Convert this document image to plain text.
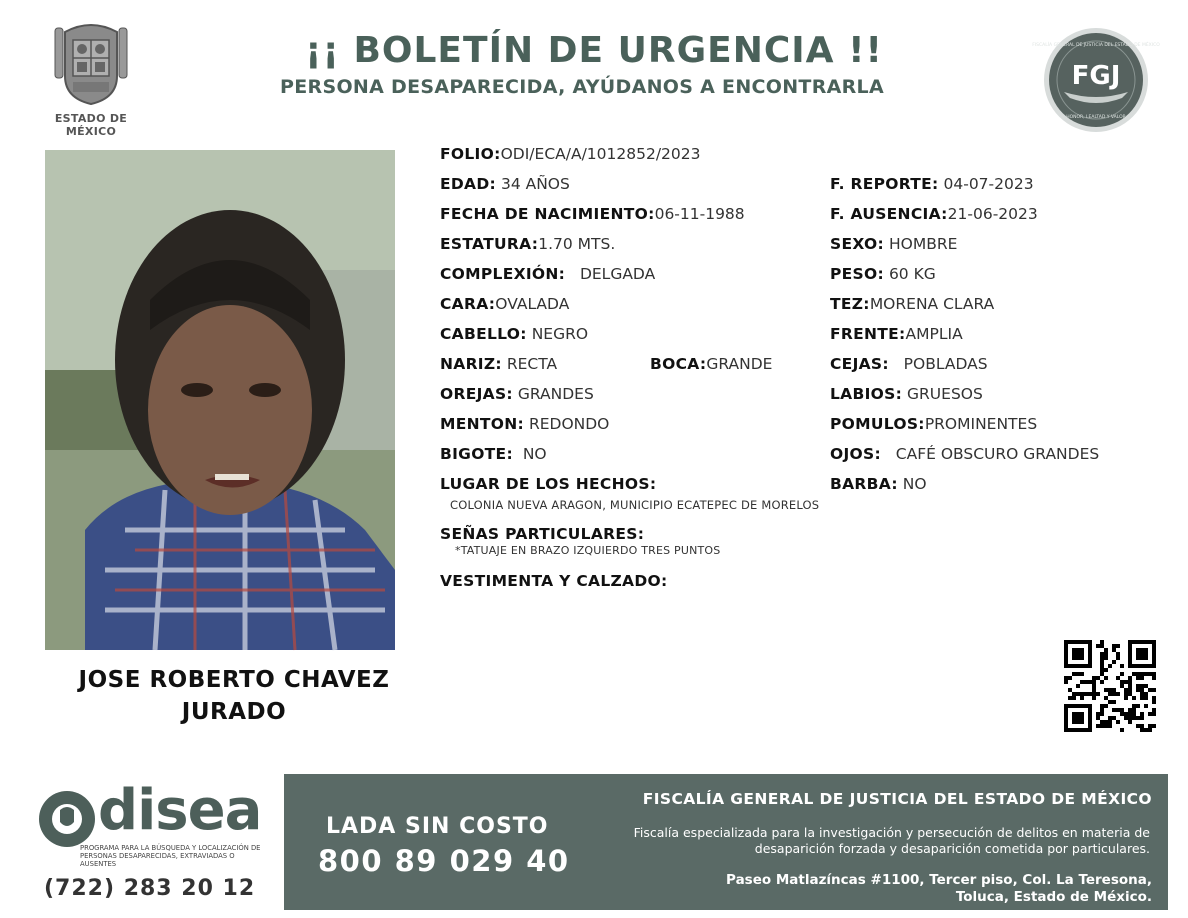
ESTADO DE MÉXICO
¡¡ BOLETÍN DE URGENCIA !!
PERSONA DESAPARECIDA, AYÚDANOS A ENCONTRARLA	FGJ
FISCALÍA GENERAL DE JUSTICIA DEL ESTADO DE MÉXICO
HONOR, LEALTAD Y VALOR
JOSE ROBERTO CHAVEZ
JURADO
FOLIO:ODI/ECA/A/1012852/2023
EDAD: 34 AÑOS	F. REPORTE: 04-07-2023
FECHA DE NACIMIENTO:06-11-1988	F. AUSENCIA:21-06-2023
ESTATURA:1.70 MTS.	SEXO: HOMBRE
COMPLEXIÓN: DELGADA	PESO: 60 KG
CARA:OVALADA	TEZ:MORENA CLARA
CABELLO: NEGRO	FRENTE:AMPLIA
NARIZ: RECTA	BOCA:GRANDE	CEJAS: POBLADAS
OREJAS: GRANDES	LABIOS: GRUESOS
MENTON: REDONDO	POMULOS:PROMINENTES
BIGOTE: NO	OJOS: CAFÉ OBSCURO GRANDES
LUGAR DE LOS HECHOS:
COLONIA NUEVA ARAGON, MUNICIPIO ECATEPEC DE MORELOS
BARBA: NO
SEÑAS PARTICULARES:
*TATUAJE EN BRAZO IZQUIERDO TRES PUNTOS
VESTIMENTA Y CALZADO:
disea
PROGRAMA PARA LA BÚSQUEDA Y LOCALIZACIÓN DE PERSONAS DESAPARECIDAS, EXTRAVIADAS O AUSENTES
(722) 283 20 12
LADA SIN COSTO
800 89 029 40
FISCALÍA GENERAL DE JUSTICIA DEL ESTADO DE MÉXICO
Fiscalía especializada para la investigación y persecución de delitos en materia de desaparición forzada y desaparición cometida por particulares.
Paseo Matlazíncas #1100, Tercer piso, Col. La Teresona,
Toluca, Estado de México.
